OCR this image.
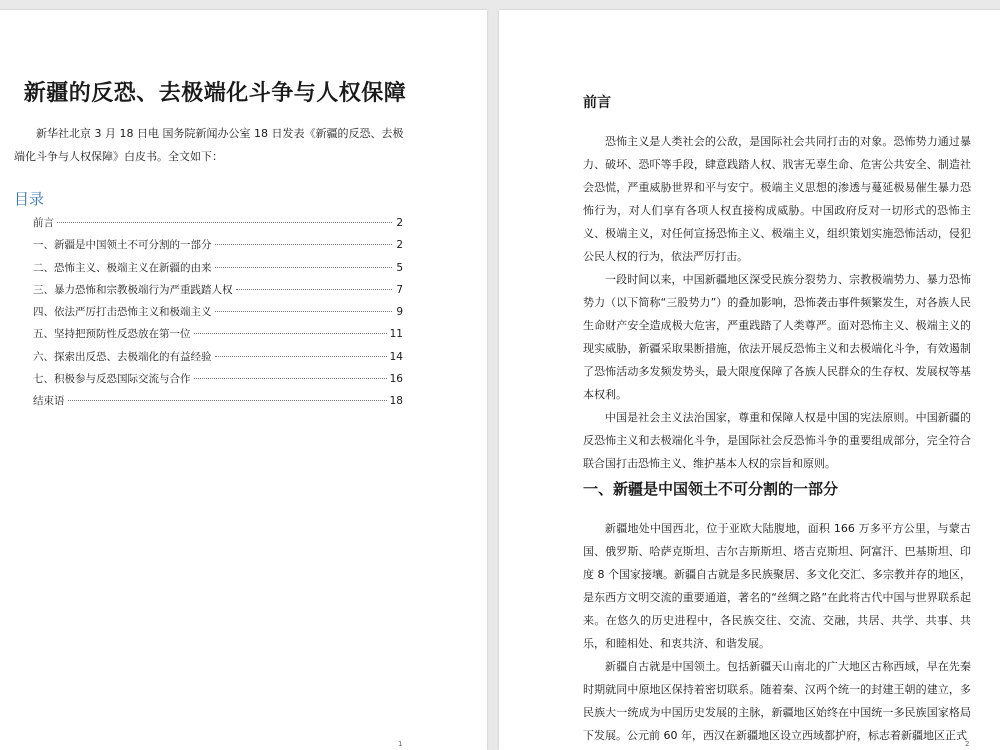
新疆的反恐、去极端化斗争与人权保障

新华社北京 3 月 18 日电 国务院新闻办公室 18 日发表《新疆的反恐、去极端化斗争与人权保障》白皮书。全文如下：

目录
前言	2
一、新疆是中国领土不可分割的一部分	2
二、恐怖主义、极端主义在新疆的由来	5
三、暴力恐怖和宗教极端行为严重践踏人权	7
四、依法严厉打击恐怖主义和极端主义	9
五、坚持把预防性反恐放在第一位	11
六、探索出反恐、去极端化的有益经验	14
七、积极参与反恐国际交流与合作	16
结束语	18
1
前言

恐怖主义是人类社会的公敌，是国际社会共同打击的对象。恐怖势力通过暴力、破坏、恐吓等手段，肆意践踏人权、戕害无辜生命、危害公共安全、制造社会恐慌，严重威胁世界和平与安宁。极端主义思想的渗透与蔓延极易催生暴力恐怖行为，对人们享有各项人权直接构成威胁。中国政府反对一切形式的恐怖主义、极端主义，对任何宣扬恐怖主义、极端主义，组织策划实施恐怖活动，侵犯公民人权的行为，依法严厉打击。

一段时间以来，中国新疆地区深受民族分裂势力、宗教极端势力、暴力恐怖势力（以下简称“三股势力”）的叠加影响，恐怖袭击事件频繁发生，对各族人民生命财产安全造成极大危害，严重践踏了人类尊严。面对恐怖主义、极端主义的现实威胁，新疆采取果断措施，依法开展反恐怖主义和去极端化斗争，有效遏制了恐怖活动多发频发势头，最大限度保障了各族人民群众的生存权、发展权等基本权利。

中国是社会主义法治国家，尊重和保障人权是中国的宪法原则。中国新疆的反恐怖主义和去极端化斗争，是国际社会反恐怖斗争的重要组成部分，完全符合联合国打击恐怖主义、维护基本人权的宗旨和原则。

一、新疆是中国领土不可分割的一部分

新疆地处中国西北，位于亚欧大陆腹地，面积 166 万多平方公里，与蒙古国、俄罗斯、哈萨克斯坦、吉尔吉斯斯坦、塔吉克斯坦、阿富汗、巴基斯坦、印度 8 个国家接壤。新疆自古就是多民族聚居、多文化交汇、多宗教并存的地区，是东西方文明交流的重要通道，著名的“丝绸之路”在此将古代中国与世界联系起来。在悠久的历史进程中，各民族交往、交流、交融，共居、共学、共事、共乐，和睦相处、和衷共济、和谐发展。

新疆自古就是中国领土。包括新疆天山南北的广大地区古称西域，早在先秦时期就同中原地区保持着密切联系。随着秦、汉两个统一的封建王朝的建立，多民族大一统成为中国历史发展的主脉，新疆地区始终在中国统一多民族国家格局下发展。公元前 60 年，西汉在新疆地区设立西域都护府，标志着新疆地区正式

2
